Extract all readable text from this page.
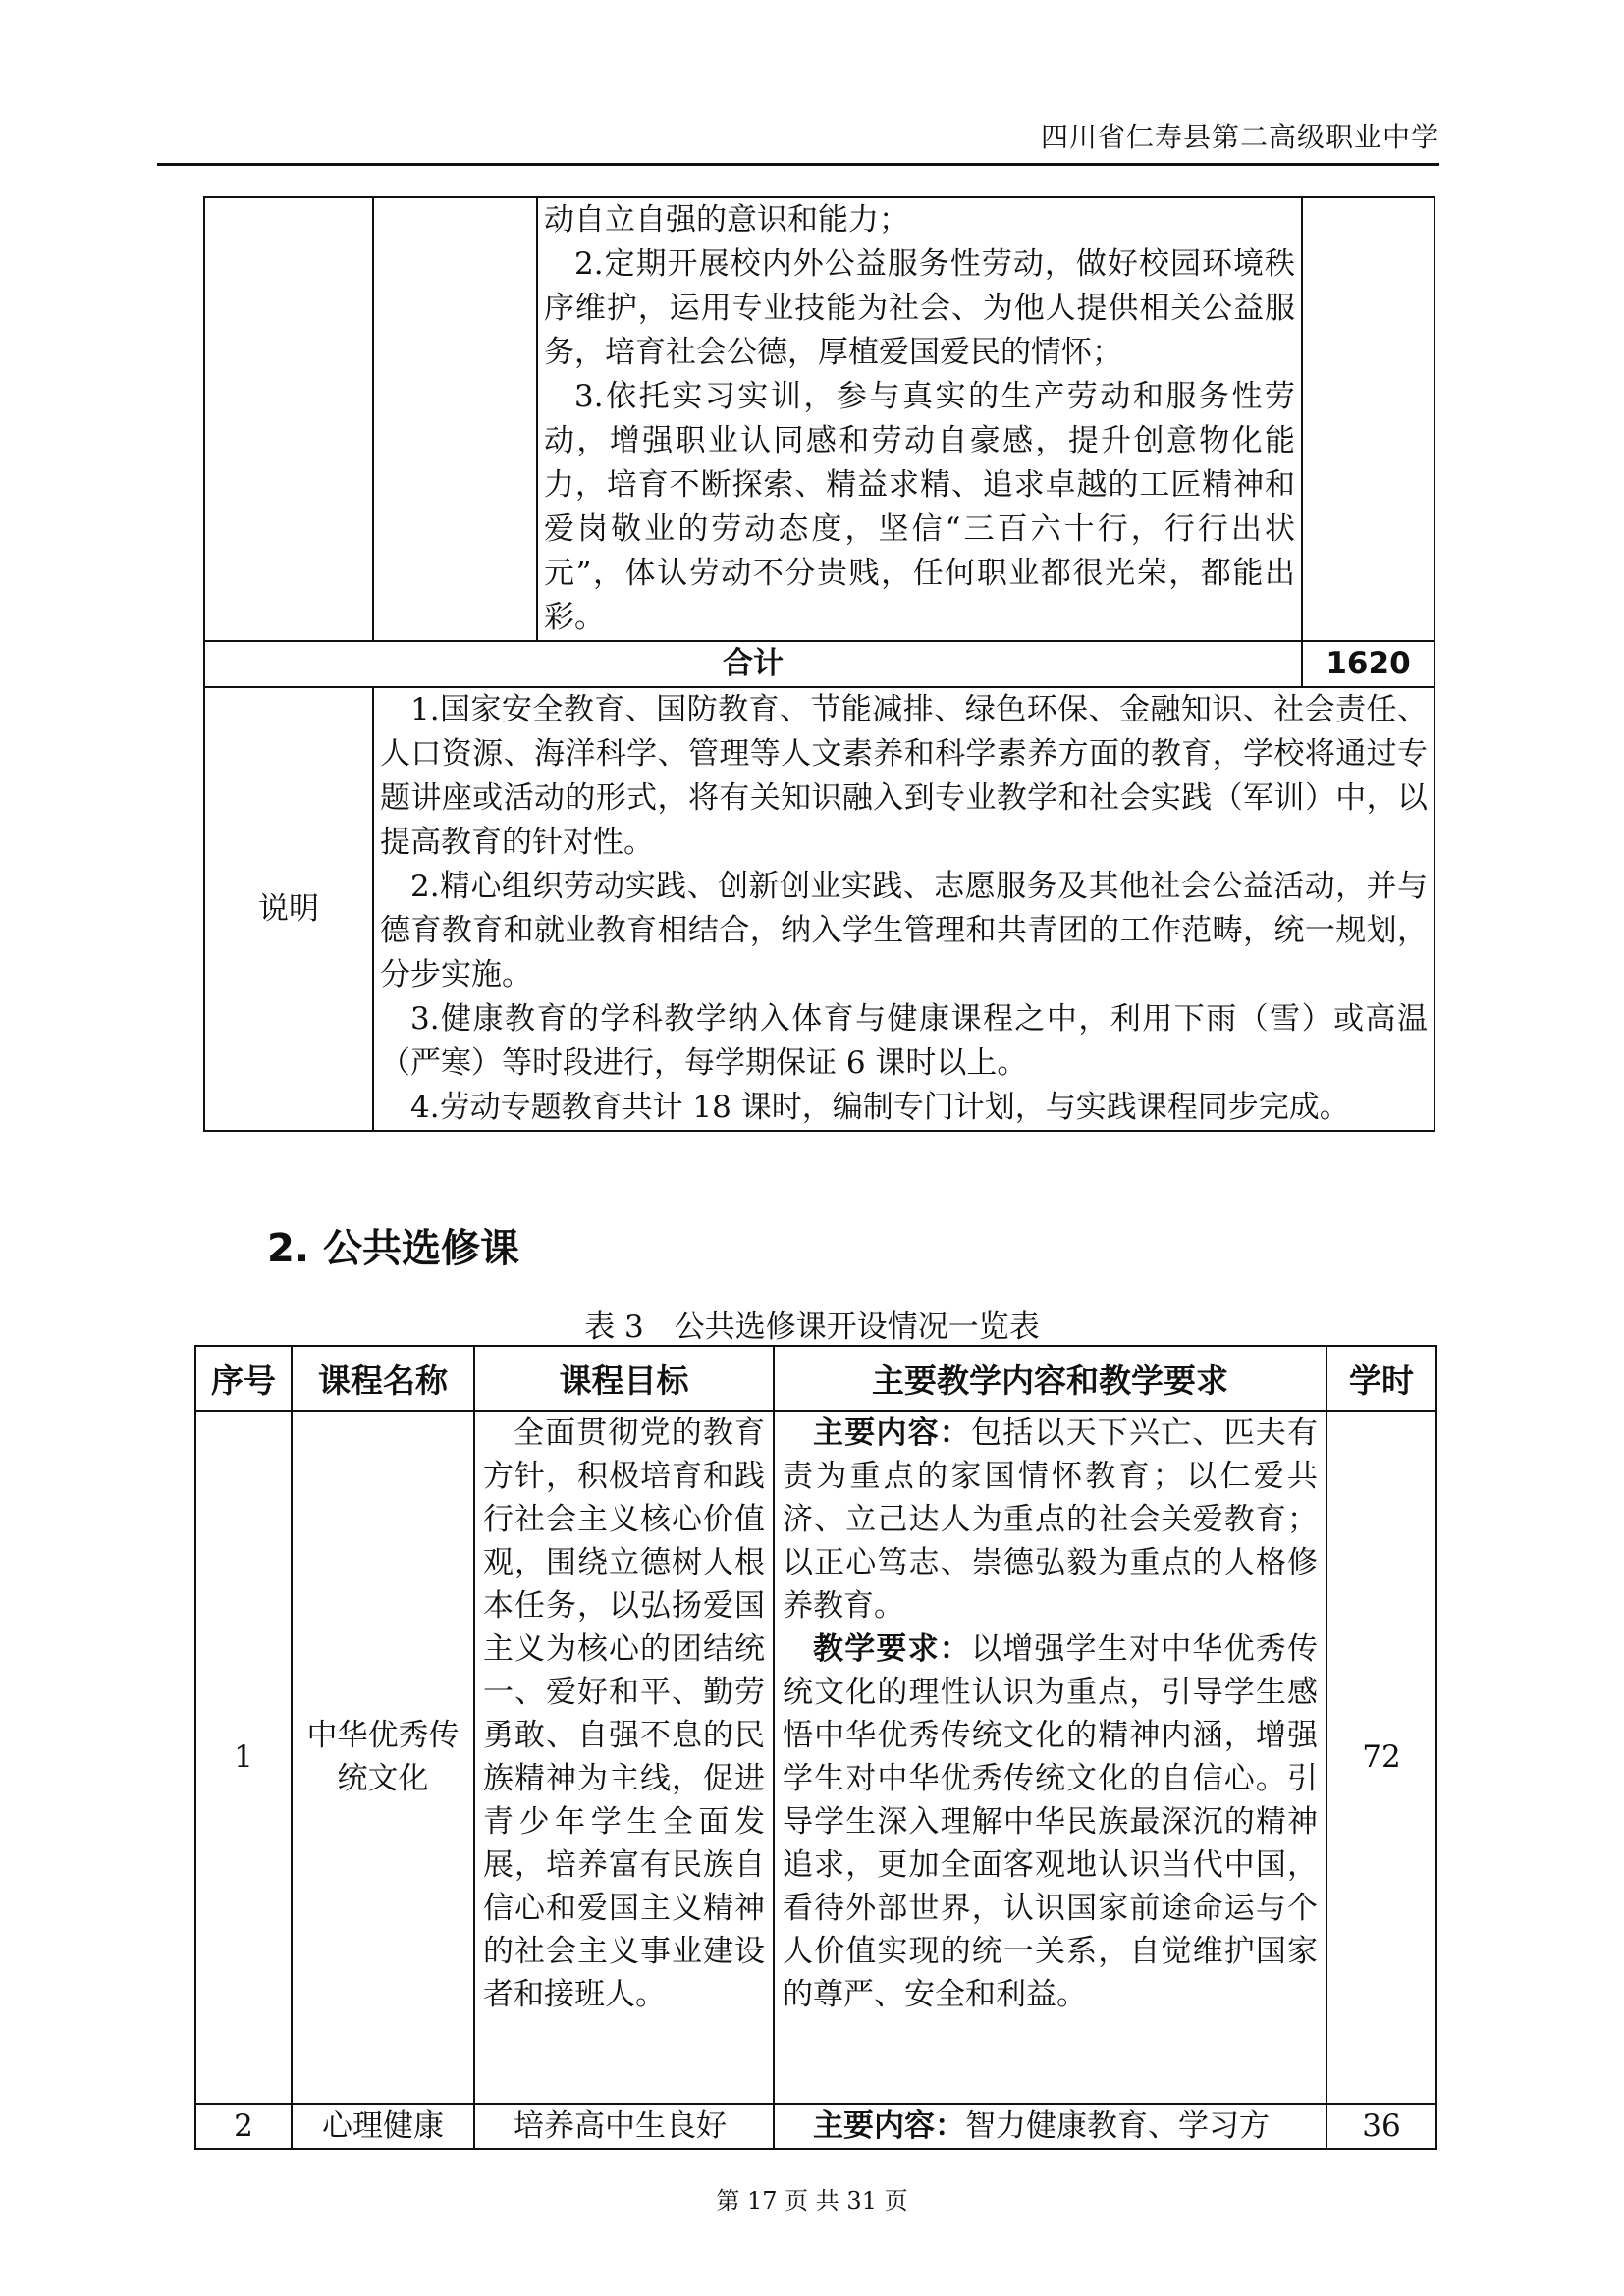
四川省仁寿县第二高级职业中学

		动自立自强的意识和能力；

2.定期开展校内外公益服务性劳动，做好校园环境秩序维护，运用专业技能为社会、为他人提供相关公益服务，培育社会公德，厚植爱国爱民的情怀；

3.依托实习实训，参与真实的生产劳动和服务性劳动，增强职业认同感和劳动自豪感，提升创意物化能力，培育不断探索、精益求精、追求卓越的工匠精神和爱岗敬业的劳动态度，坚信“三百六十行，行行出状元”，体认劳动不分贵贱，任何职业都很光荣，都能出彩。	

合计			1620
说明	1.国家安全教育、国防教育、节能减排、绿色环保、金融知识、社会责任、人口资源、海洋科学、管理等人文素养和科学素养方面的教育，学校将通过专题讲座或活动的形式，将有关知识融入到专业教学和社会实践（军训）中，以提高教育的针对性。

2.精心组织劳动实践、创新创业实践、志愿服务及其他社会公益活动，并与德育教育和就业教育相结合，纳入学生管理和共青团的工作范畴，统一规划，分步实施。

3.健康教育的学科教学纳入体育与健康课程之中，利用下雨（雪）或高温（严寒）等时段进行，每学期保证 6 课时以上。

4.劳动专题教育共计 18 课时，编制专门计划，与实践课程同步完成。		

2. 公共选修课
表 3　公共选修课开设情况一览表
序号	课程名称	课程目标	主要教学内容和教学要求	学时
1	中华优秀传统文化	全面贯彻党的教育方针，积极培育和践行社会主义核心价值观，围绕立德树人根本任务，以弘扬爱国主义为核心的团结统一、爱好和平、勤劳勇敢、自强不息的民族精神为主线，促进青少年学生全面发展，培养富有民族自信心和爱国主义精神的社会主义事业建设者和接班人。	主要内容：包括以天下兴亡、匹夫有责为重点的家国情怀教育；以仁爱共济、立己达人为重点的社会关爱教育；以正心笃志、崇德弘毅为重点的人格修养教育。

教学要求：以增强学生对中华优秀传统文化的理性认识为重点，引导学生感悟中华优秀传统文化的精神内涵，增强学生对中华优秀传统文化的自信心。引导学生深入理解中华民族最深沉的精神追求，更加全面客观地认识当代中国，看待外部世界，认识国家前途命运与个人价值实现的统一关系，自觉维护国家的尊严、安全和利益。	72
2	心理健康	培养高中生良好	主要内容：智力健康教育、学习方	36
第 17 页 共 31 页
